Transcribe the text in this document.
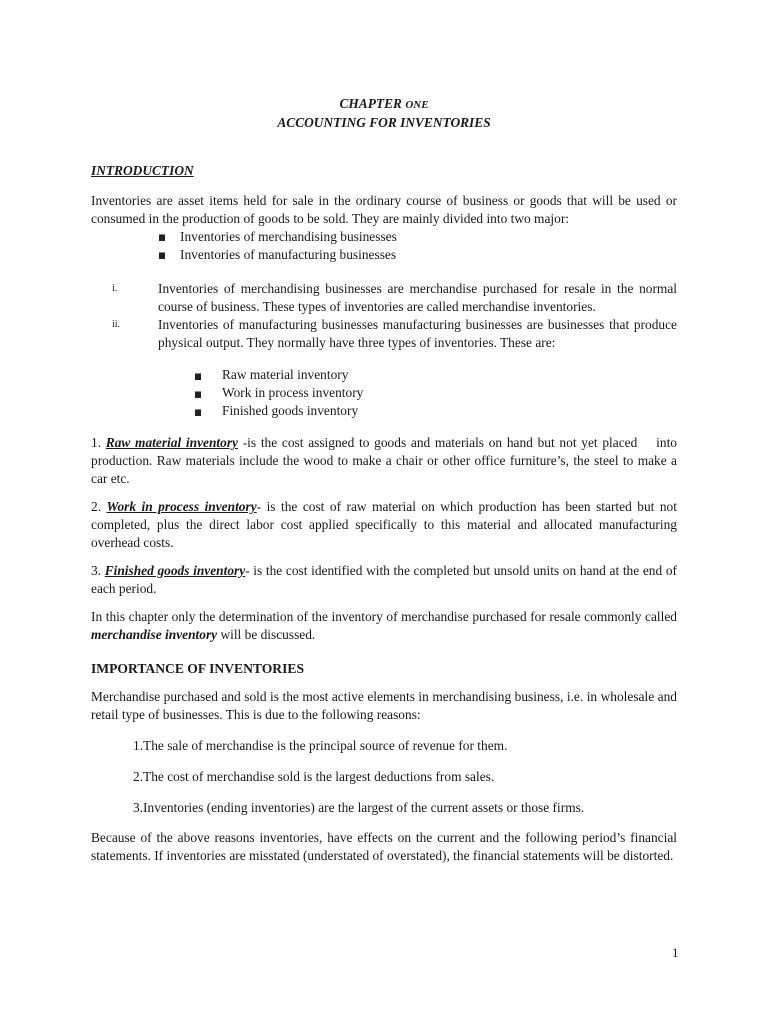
CHAPTER ONE

ACCOUNTING FOR INVENTORIES

INTRODUCTION

Inventories are asset items held for sale in the ordinary course of business or goods that will be used or consumed in the production of goods to be sold. They are mainly divided into two major:

Inventories of merchandising businesses
Inventories of manufacturing businesses
i.	Inventories of merchandising businesses are merchandise purchased for resale in the normal course of business. These types of inventories are called merchandise inventories.
ii.	Inventories of manufacturing businesses manufacturing businesses are businesses that produce physical output. They normally have three types of inventories. These are:
Raw material inventory
Work in process inventory
Finished goods inventory

1. Raw material inventory -is the cost assigned to goods and materials on hand but not yet placed    into production. Raw materials include the wood to make a chair or other office furniture’s, the steel to make a car etc.

2. Work in process inventory- is the cost of raw material on which production has been started but not completed, plus the direct labor cost applied specifically to this material and allocated manufacturing overhead costs.

3. Finished goods inventory- is the cost identified with the completed but unsold units on hand at the end of each period.

In this chapter only the determination of the inventory of merchandise purchased for resale commonly called merchandise inventory will be discussed.

IMPORTANCE OF INVENTORIES

Merchandise purchased and sold is the most active elements in merchandising business, i.e. in wholesale and retail type of businesses. This is due to the following reasons:

1.The sale of merchandise is the principal source of revenue for them.

2.The cost of merchandise sold is the largest deductions from sales.

3.Inventories (ending inventories) are the largest of the current assets or those firms.

Because of the above reasons inventories, have effects on the current and the following period’s financial statements. If inventories are misstated (understated of overstated), the financial statements will be distorted.

1
